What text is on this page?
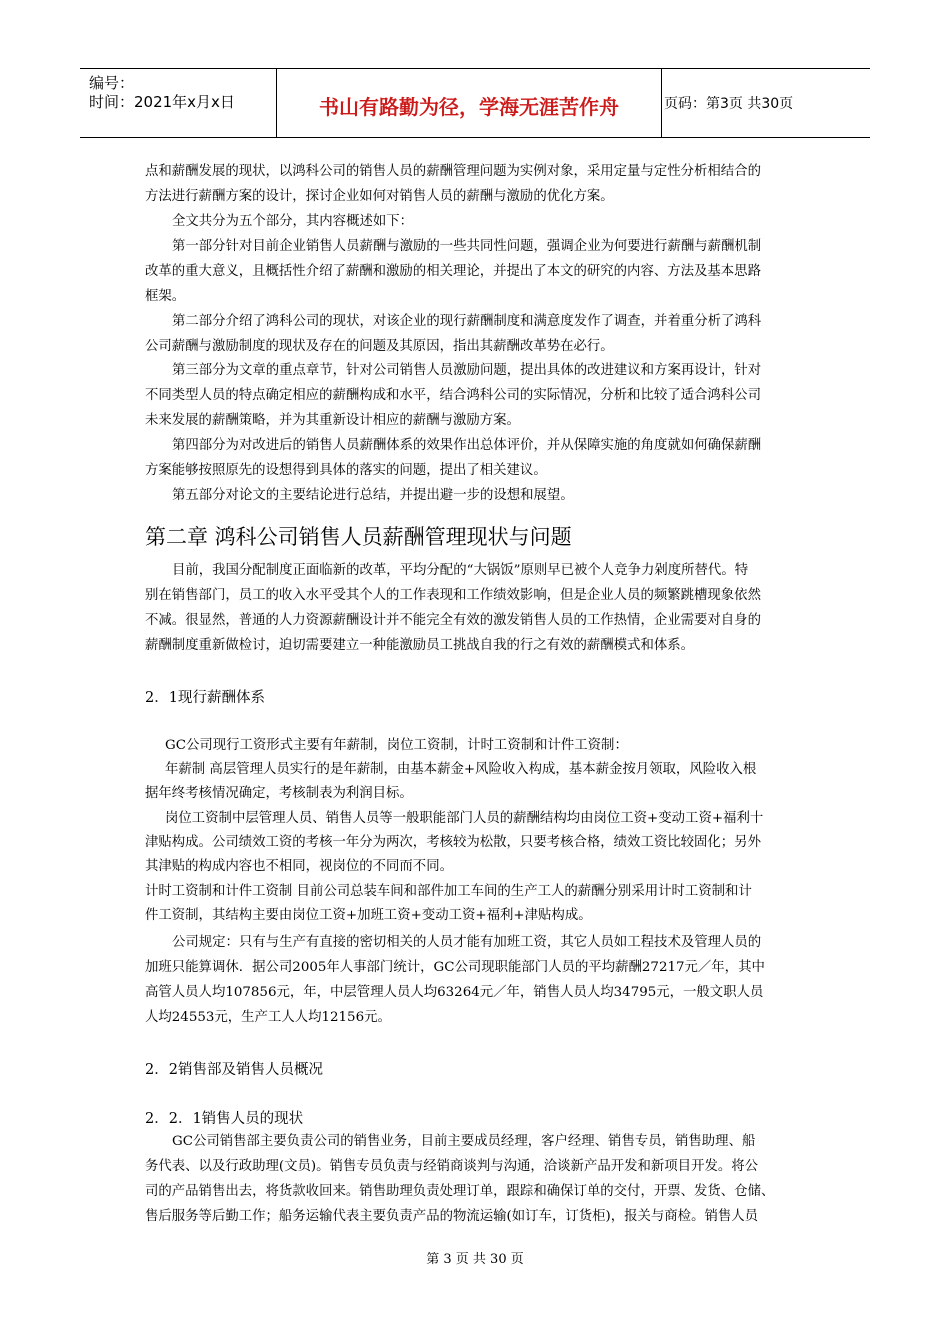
编号：
时间：2021年x月x日	书山有路勤为径，学海无涯苦作舟	页码：第3页 共30页
点和薪酬发展的现状，以鸿科公司的销售人员的薪酬管理问题为实例对象，采用定量与定性分析相结合的
方法进行薪酬方案的设计，探讨企业如何对销售人员的薪酬与激励的优化方案。
全文共分为五个部分，其内容概述如下：
第一部分针对目前企业销售人员薪酬与激励的一些共同性问题，强调企业为何要进行薪酬与薪酬机制
改革的重大意义，且概括性介绍了薪酬和激励的相关理论，并提出了本文的研究的内容、方法及基本思路
框架。
第二部分介绍了鸿科公司的现状，对该企业的现行薪酬制度和满意度发作了调查，并着重分析了鸿科
公司薪酬与激励制度的现状及存在的问题及其原因，指出其薪酬改革势在必行。
第三部分为文章的重点章节，针对公司销售人员激励问题，提出具体的改进建议和方案再设计，针对
不同类型人员的特点确定相应的薪酬构成和水平，结合鸿科公司的实际情况，分析和比较了适合鸿科公司
未来发展的薪酬策略，并为其重新设计相应的薪酬与激励方案。
第四部分为对改进后的销售人员薪酬体系的效果作出总体评价，并从保障实施的角度就如何确保薪酬
方案能够按照原先的设想得到具体的落实的问题，提出了相关建议。
第五部分对论文的主要结论进行总结，并提出避一步的设想和展望。
第二章 鸿科公司销售人员薪酬管理现状与问题
目前，我国分配制度正面临新的改革，平均分配的“大锅饭”原则早已被个人竞争力剁度所替代。特
别在销售部门，员工的收入水平受其个人的工作表现和工作绩效影响，但是企业人员的频繁跳槽现象依然
不减。很显然，普通的人力资源薪酬设计并不能完全有效的激发销售人员的工作热情，企业需要对自身的
薪酬制度重新做检讨，迫切需要建立一种能激励员工挑战自我的行之有效的薪酬模式和体系。
2．1现行薪酬体系
GC公司现行工资形式主要有年薪制，岗位工资制，计时工资制和计件工资制：
年薪制 高层管理人员实行的是年薪制，由基本薪金+风险收入构成，基本薪金按月领取，风险收入根
据年终考核情况确定，考核制表为利润目标。
岗位工资制中层管理人员、销售人员等一般职能部门人员的薪酬结构均由岗位工资+变动工资+福利十
津贴构成。公司绩效工资的考核一年分为两次，考核较为松散，只要考核合格，绩效工资比较固化；另外
其津贴的构成内容也不相同，视岗位的不同而不同。
计时工资制和计件工资制 目前公司总装车间和部件加工车间的生产工人的薪酬分别采用计时工资制和计
件工资制，其结构主要由岗位工资+加班工资+变动工资+福利+津贴构成。
公司规定：只有与生产有直接的密切相关的人员才能有加班工资，其它人员如工程技术及管理人员的
加班只能算调休．据公司2005年人事部门统计，GC公司现职能部门人员的平均薪酬27217元／年，其中
高管人员人均107856元，年，中层管理人员人均63264元／年，销售人员人均34795元，一般文职人员
人均24553元，生产工人人均12156元。
2．2销售部及销售人员概况
2．2．1销售人员的现状
GC公司销售部主要负责公司的销售业务，目前主要成员经理，客户经理、销售专员，销售助理、船
务代表、以及行政助理(文员)。销售专员负责与经销商谈判与沟通，洽谈新产品开发和新项目开发。将公
司的产品销售出去，将货款收回来。销售助理负责处理订单，跟踪和确保订单的交付，开票、发货、仓储、
售后服务等后勤工作；船务运输代表主要负责产品的物流运输(如订车，订货柜)，报关与商检。销售人员
第 3 页 共 30 页
